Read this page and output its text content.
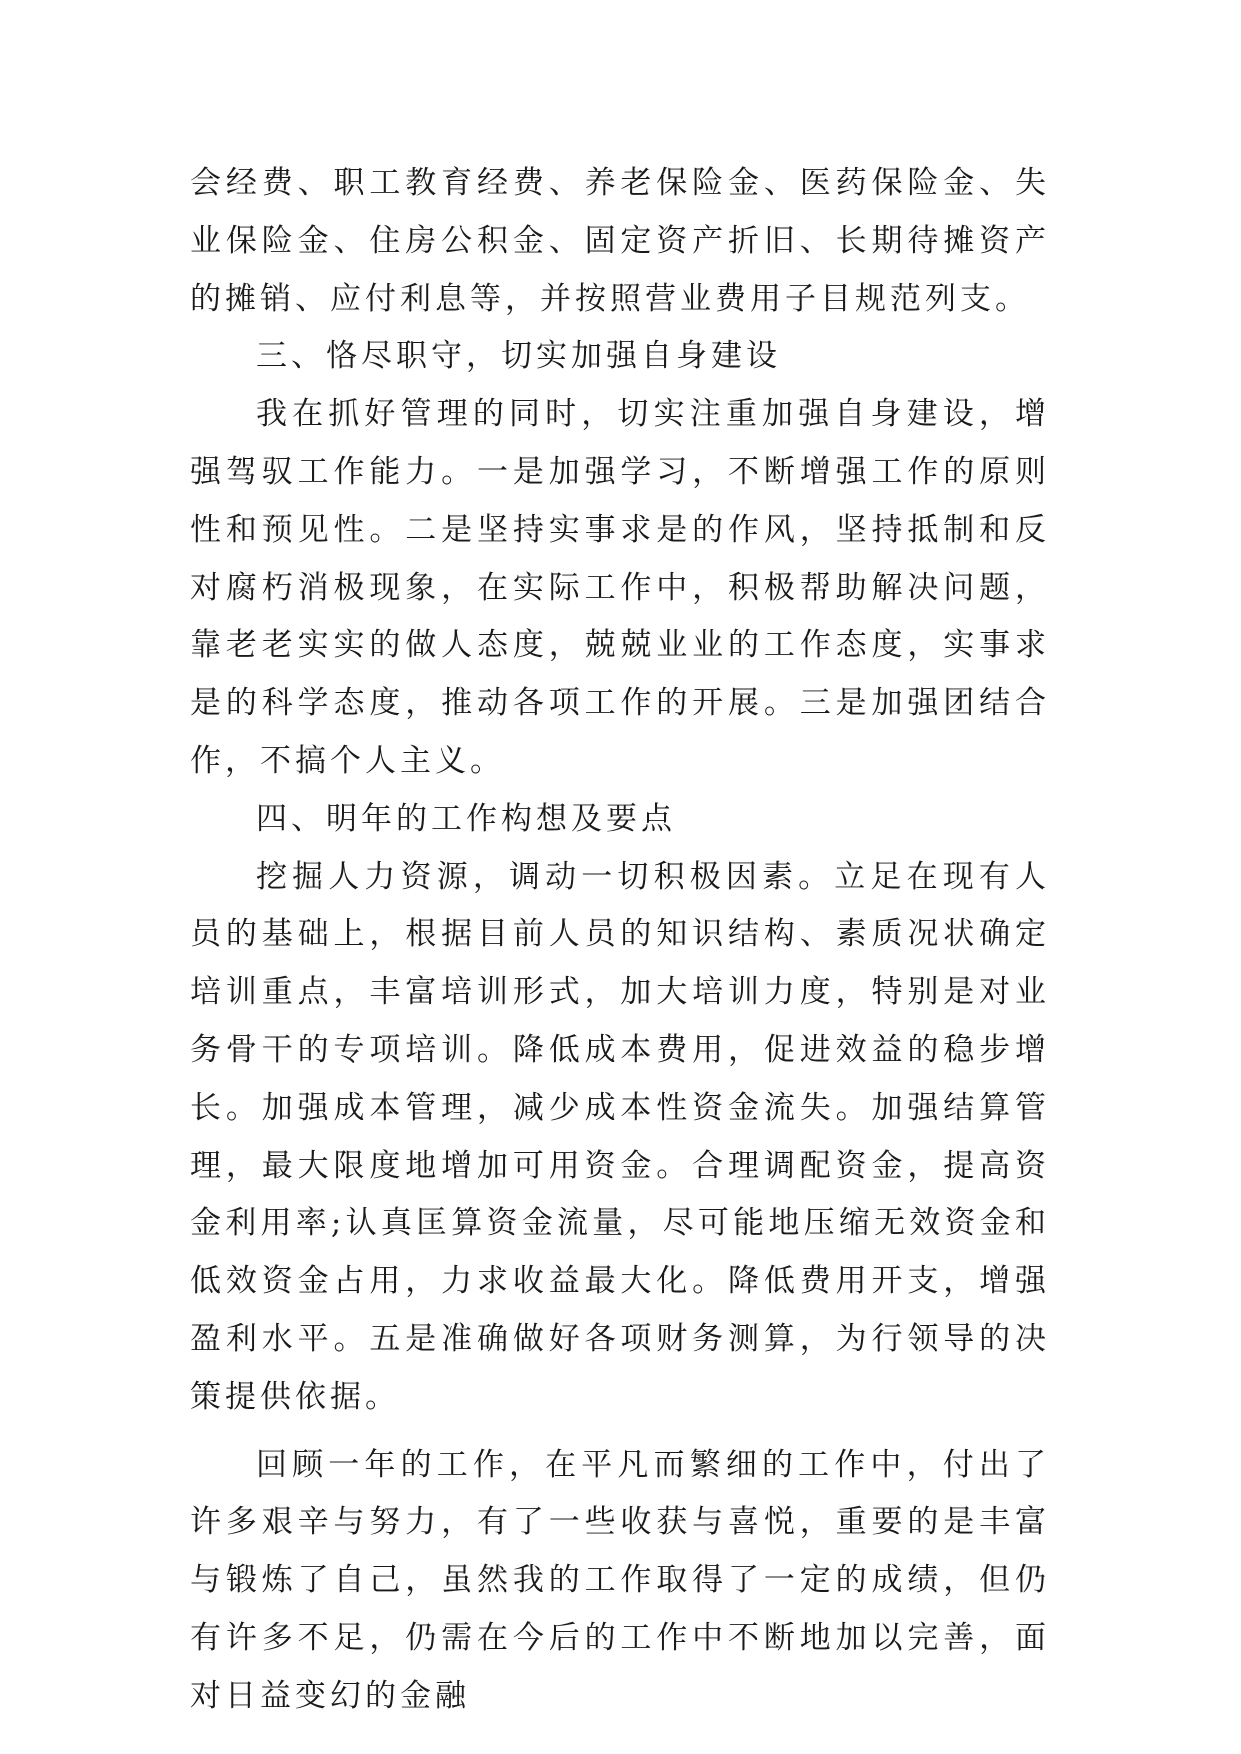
会经费、职工教育经费、养老保险金、医药保险金、失业保险金、住房公积金、固定资产折旧、长期待摊资产的摊销、应付利息等，并按照营业费用子目规范列支。

三、恪尽职守，切实加强自身建设

我在抓好管理的同时，切实注重加强自身建设，增强驾驭工作能力。一是加强学习，不断增强工作的原则性和预见性。二是坚持实事求是的作风，坚持抵制和反对腐朽消极现象，在实际工作中，积极帮助解决问题，靠老老实实的做人态度，兢兢业业的工作态度，实事求是的科学态度，推动各项工作的开展。三是加强团结合作，不搞个人主义。

四、明年的工作构想及要点

挖掘人力资源，调动一切积极因素。立足在现有人员的基础上，根据目前人员的知识结构、素质况状确定培训重点，丰富培训形式，加大培训力度，特别是对业务骨干的专项培训。降低成本费用，促进效益的稳步增长。加强成本管理，减少成本性资金流失。加强结算管理，最大限度地增加可用资金。合理调配资金，提高资金利用率;认真匡算资金流量，尽可能地压缩无效资金和低效资金占用，力求收益最大化。降低费用开支，增强盈利水平。五是准确做好各项财务测算，为行领导的决策提供依据。

回顾一年的工作，在平凡而繁细的工作中，付出了许多艰辛与努力，有了一些收获与喜悦，重要的是丰富与锻炼了自己，虽然我的工作取得了一定的成绩，但仍有许多不足，仍需在今后的工作中不断地加以完善，面对日益变幻的金融
